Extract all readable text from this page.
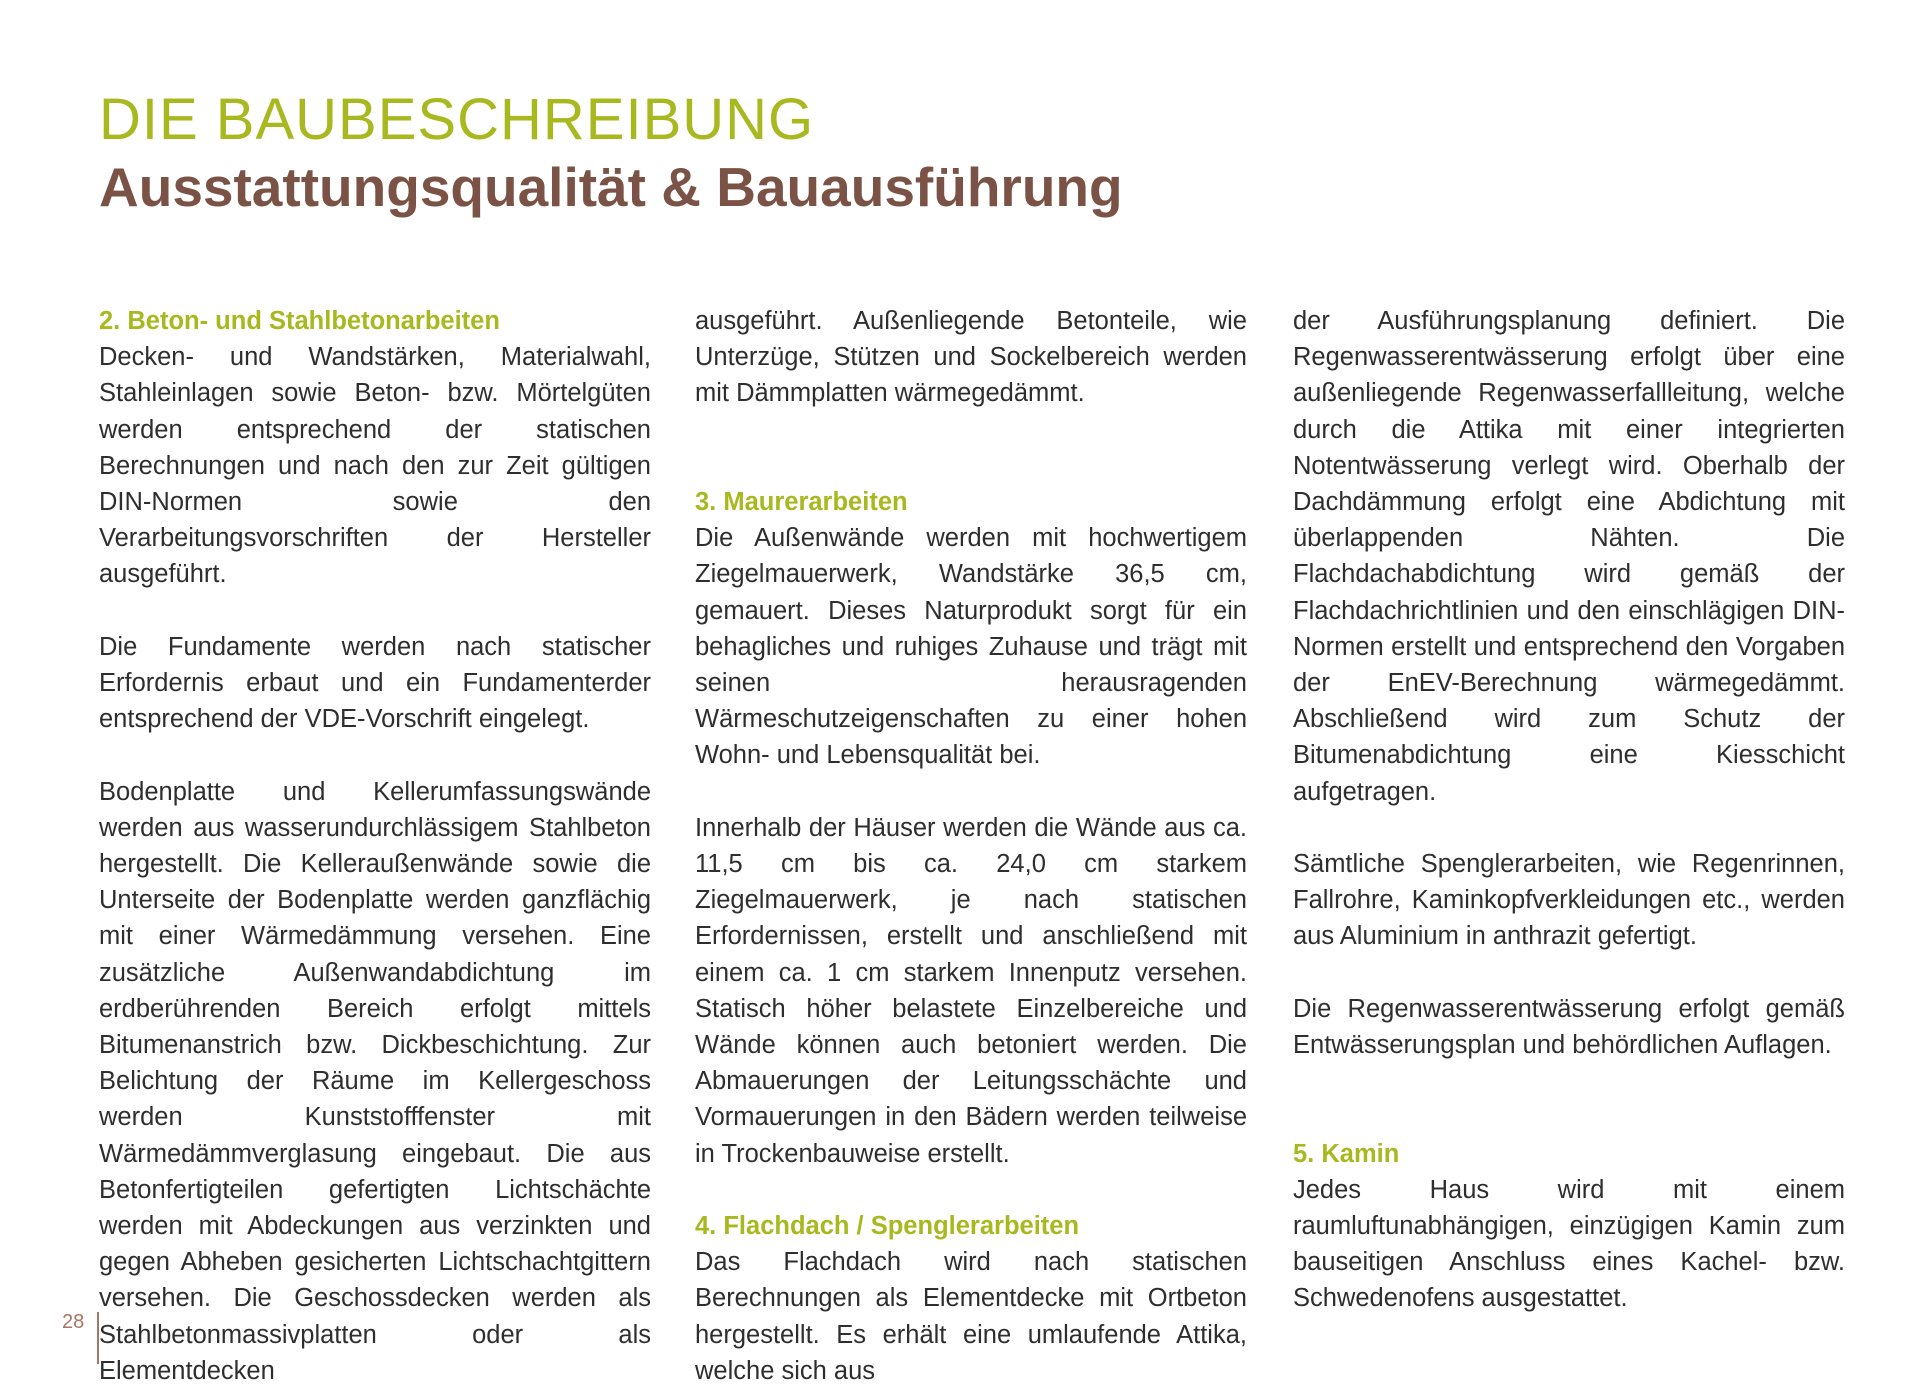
DIE BAUBESCHREIBUNG
Ausstattungsqualität & Bauausführung

2. Beton- und Stahlbetonarbeiten

Decken- und Wandstärken, Materialwahl, Stahleinlagen sowie Beton- bzw. Mörtelgüten werden entsprechend der statischen Berechnungen und nach den zur Zeit gültigen DIN-Normen sowie den Verarbeitungsvorschriften der Hersteller ausgeführt.

Die Fundamente werden nach statischer Erfordernis erbaut und ein Fundamenterder entsprechend der VDE-Vorschrift eingelegt.

Bodenplatte und Kellerumfassungswände werden aus wasserundurchlässigem Stahlbeton hergestellt. Die Kelleraußenwände sowie die Unterseite der Bodenplatte werden ganzflächig mit einer Wärmedämmung versehen. Eine zusätzliche Außenwandabdichtung im erdberührenden Bereich erfolgt mittels Bitumenanstrich bzw. Dickbeschichtung. Zur Belichtung der Räume im Kellergeschoss werden Kunststofffenster mit Wärmedämmverglasung eingebaut. Die aus Betonfertigteilen gefertigten Lichtschächte werden mit Abdeckungen aus verzinkten und gegen Abheben gesicherten Lichtschachtgittern versehen. Die Geschossdecken werden als Stahlbetonmassivplatten oder als Elementdecken

ausgeführt. Außenliegende Betonteile, wie Unterzüge, Stützen und Sockelbereich werden mit Dämmplatten wärmegedämmt.

3. Maurerarbeiten

Die Außenwände werden mit hochwertigem Ziegelmauerwerk, Wandstärke 36,5 cm, gemauert. Dieses Naturprodukt sorgt für ein behagliches und ruhiges Zuhause und trägt mit seinen herausragenden Wärmeschutzeigenschaften zu einer hohen Wohn- und Lebensqualität bei.

Innerhalb der Häuser werden die Wände aus ca. 11,5 cm bis ca. 24,0 cm starkem Ziegelmauerwerk, je nach statischen Erfordernissen, erstellt und anschließend mit einem ca. 1 cm starkem Innenputz versehen. Statisch höher belastete Einzelbereiche und Wände können auch betoniert werden. Die Abmauerungen der Leitungsschächte und Vormauerungen in den Bädern werden teilweise in Trockenbauweise erstellt.

4. Flachdach / Spenglerarbeiten

Das Flachdach wird nach statischen Berechnungen als Elementdecke mit Ortbeton hergestellt. Es erhält eine umlaufende Attika, welche sich aus

der Ausführungsplanung definiert. Die Regenwasserentwässerung erfolgt über eine außenliegende Regenwasserfallleitung, welche durch die Attika mit einer integrierten Notentwässerung verlegt wird. Oberhalb der Dachdämmung erfolgt eine Abdichtung mit überlappenden Nähten. Die Flachdachabdichtung wird gemäß der Flachdachrichtlinien und den einschlägigen DIN-Normen erstellt und entsprechend den Vorgaben der EnEV-Berechnung wärmegedämmt. Abschließend wird zum Schutz der Bitumenabdichtung eine Kiesschicht aufgetragen.

Sämtliche Spenglerarbeiten, wie Regenrinnen, Fallrohre, Kaminkopfverkleidungen etc., werden aus Aluminium in anthrazit gefertigt.

Die Regenwasserentwässerung erfolgt gemäß Entwässerungsplan und behördlichen Auflagen.

5. Kamin

Jedes Haus wird mit einem raumluftunabhängigen, einzügigen Kamin zum bauseitigen Anschluss eines Kachel- bzw. Schwedenofens ausgestattet.

28
